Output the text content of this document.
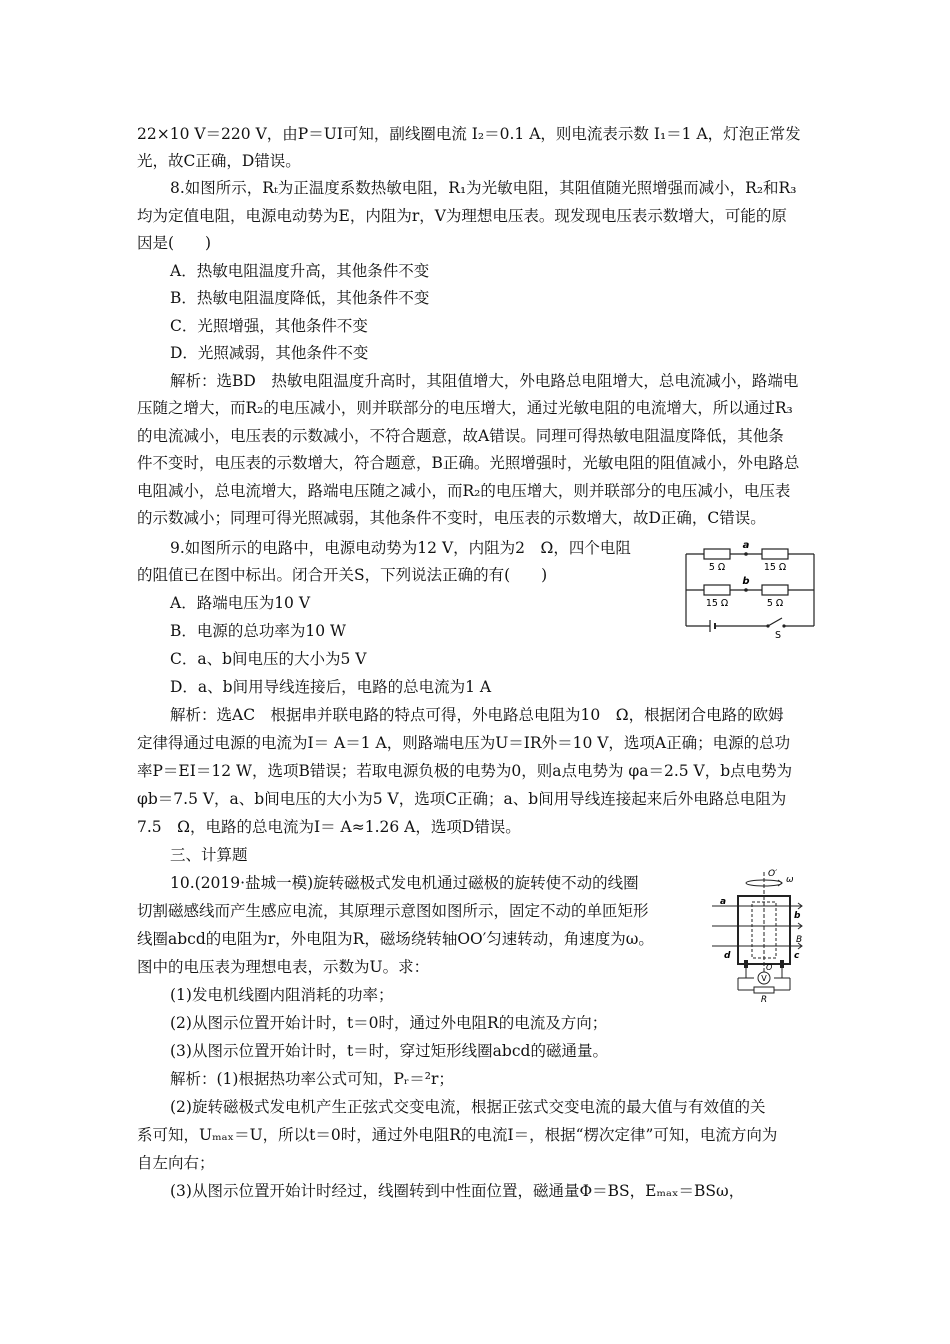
22×10 V＝220 V，由P＝UI可知，副线圈电流 I₂＝0.1 A，则电流表示数 I₁＝1 A，灯泡正常发
光，故C正确，D错误。
8.如图所示，Rₜ为正温度系数热敏电阻，R₁为光敏电阻，其阻值随光照增强而减小，R₂和R₃
均为定值电阻，电源电动势为E，内阻为r，V为理想电压表。现发现电压表示数增大，可能的原
因是(　　)
A．热敏电阻温度升高，其他条件不变
B．热敏电阻温度降低，其他条件不变
C．光照增强，其他条件不变
D．光照减弱，其他条件不变
解析：选BD　热敏电阻温度升高时，其阻值增大，外电路总电阻增大，总电流减小，路端电
压随之增大，而R₂的电压减小，则并联部分的电压增大，通过光敏电阻的电流增大，所以通过R₃
的电流减小，电压表的示数减小，不符合题意，故A错误。同理可得热敏电阻温度降低，其他条
件不变时，电压表的示数增大，符合题意，B正确。光照增强时，光敏电阻的阻值减小，外电路总
电阻减小，总电流增大，路端电压随之减小，而R₂的电压增大，则并联部分的电压减小，电压表
的示数减小；同理可得光照减弱，其他条件不变时，电压表的示数增大，故D正确，C错误。
9.如图所示的电路中，电源电动势为12 V，内阻为2　Ω，四个电阻
的阻值已在图中标出。闭合开关S，下列说法正确的有(　　)
A．路端电压为10 V
B．电源的总功率为10 W
C．a、b间电压的大小为5 V
D．a、b间用导线连接后，电路的总电流为1 A
解析：选AC　根据串并联电路的特点可得，外电路总电阻为10　Ω，根据闭合电路的欧姆
定律得通过电源的电流为I＝ A＝1 A，则路端电压为U＝IR外＝10 V，选项A正确；电源的总功
率P＝EI＝12 W，选项B错误；若取电源负极的电势为0，则a点电势为 φa＝2.5 V，b点电势为
φb＝7.5 V，a、b间电压的大小为5 V，选项C正确；a、b间用导线连接起来后外电路总电阻为
7.5　Ω，电路的总电流为I＝ A≈1.26 A，选项D错误。
三、计算题
10.(2019·盐城一模)旋转磁极式发电机通过磁极的旋转使不动的线圈
切割磁感线而产生感应电流，其原理示意图如图所示，固定不动的单匝矩形
线圈abcd的电阻为r，外电阻为R，磁场绕转轴OO′匀速转动，角速度为ω。
图中的电压表为理想电表，示数为U。求：
(1)发电机线圈内阻消耗的功率；
(2)从图示位置开始计时，t＝0时，通过外电阻R的电流及方向；
(3)从图示位置开始计时，t＝时，穿过矩形线圈abcd的磁通量。
解析：(1)根据热功率公式可知，Pᵣ＝²r；
(2)旋转磁极式发电机产生正弦式交变电流，根据正弦式交变电流的最大值与有效值的关
系可知，Uₘₐₓ＝U，所以t＝0时，通过外电阻R的电流I＝，根据“楞次定律”可知，电流方向为
自左向右；
(3)从图示位置开始计时经过，线圈转到中性面位置，磁通量Φ＝BS，Eₘₐₓ＝BSω，
a
b
5 Ω	15 Ω
15 Ω	5 Ω
S
O′
ω
a
b
B
c
d
O
V
R
